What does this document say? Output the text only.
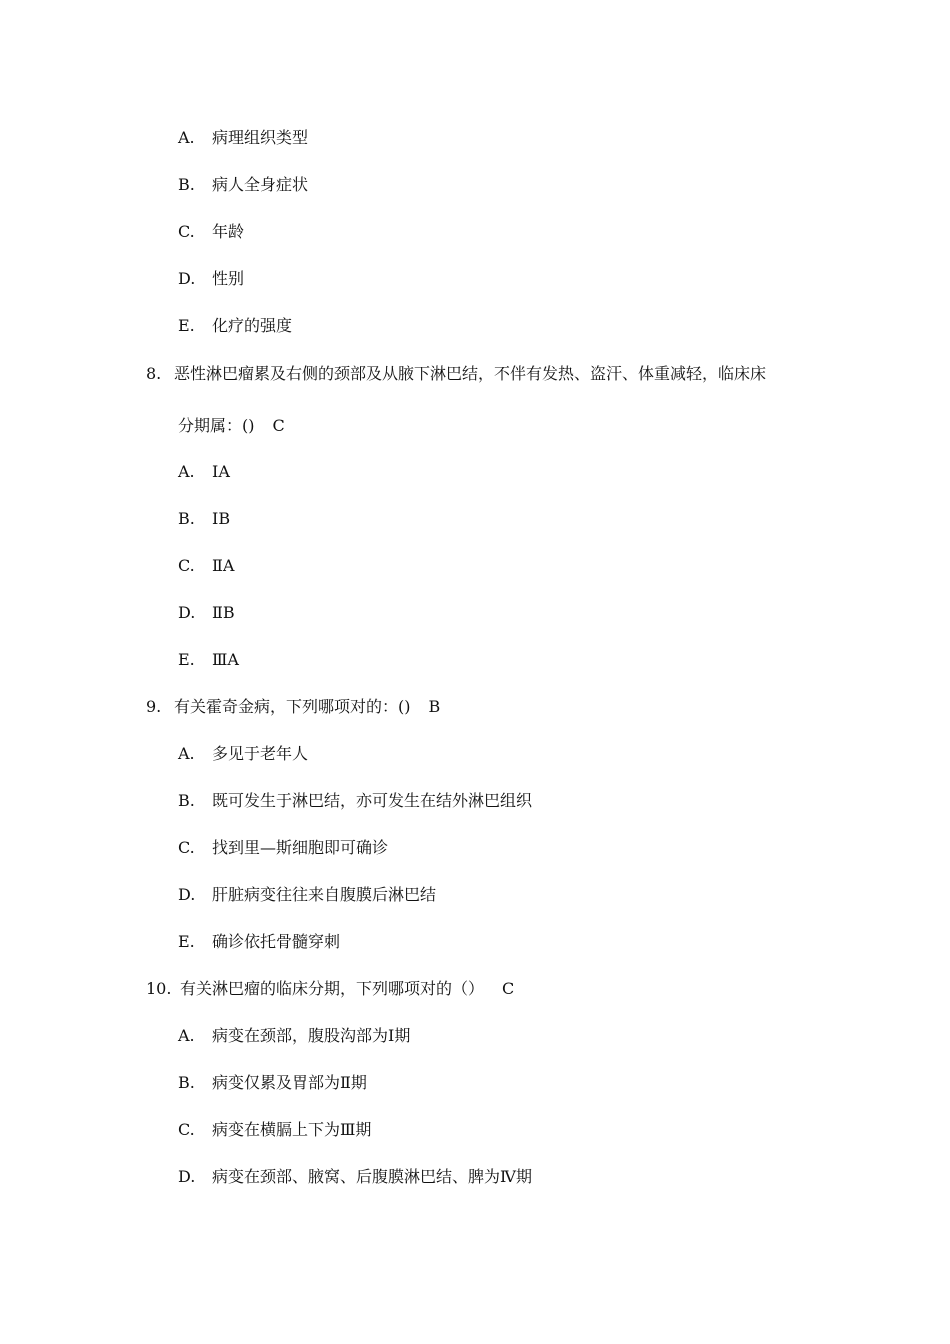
A. 病理组织类型
B. 病人全身症状
C. 年龄
D. 性别
E. 化疗的强度
8. 恶性淋巴瘤累及右侧的颈部及从腋下淋巴结，不伴有发热、盗汗、体重减轻，临床床
分期属：() C
A. ⅠA
B. ⅠB
C. ⅡA
D. ⅡB
E. ⅢA
9. 有关霍奇金病，下列哪项对的：() B
A. 多见于老年人
B. 既可发生于淋巴结，亦可发生在结外淋巴组织
C. 找到里—斯细胞即可确诊
D. 肝脏病变往往来自腹膜后淋巴结
E. 确诊依托骨髓穿刺
10. 有关淋巴瘤的临床分期，下列哪项对的（） C
A. 病变在颈部，腹股沟部为Ⅰ期
B. 病变仅累及胃部为Ⅱ期
C. 病变在横膈上下为Ⅲ期
D. 病变在颈部、腋窝、后腹膜淋巴结、脾为Ⅳ期
